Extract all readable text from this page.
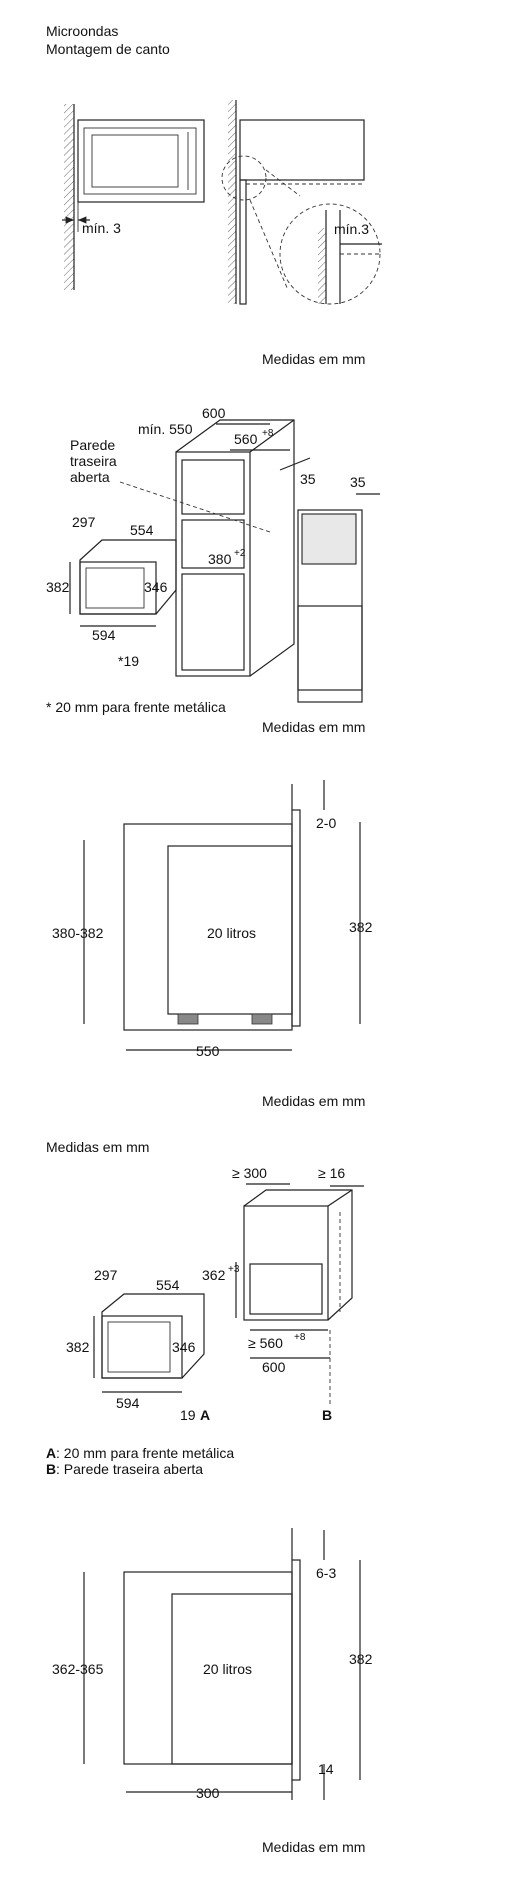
Microondas
Montagem de canto
mín. 3	mín.3
Medidas em mm
600
mín. 550
560 +8
Parede
traseira
aberta	35 35
297 554
382	346
380 +2
594
*19
* 20 mm para frente metálica
Medidas em mm
380-382	20 litros	382
2-0
550
Medidas em mm
Medidas em mm
≥ 300	≥ 16
362 +3
≥ 560 +8
600
297
554
382	346
594
19 A	B
A : 20 mm para frente metálica
B : Parede traseira aberta
362-365	20 litros
382
6-3
14
300
Medidas em mm
